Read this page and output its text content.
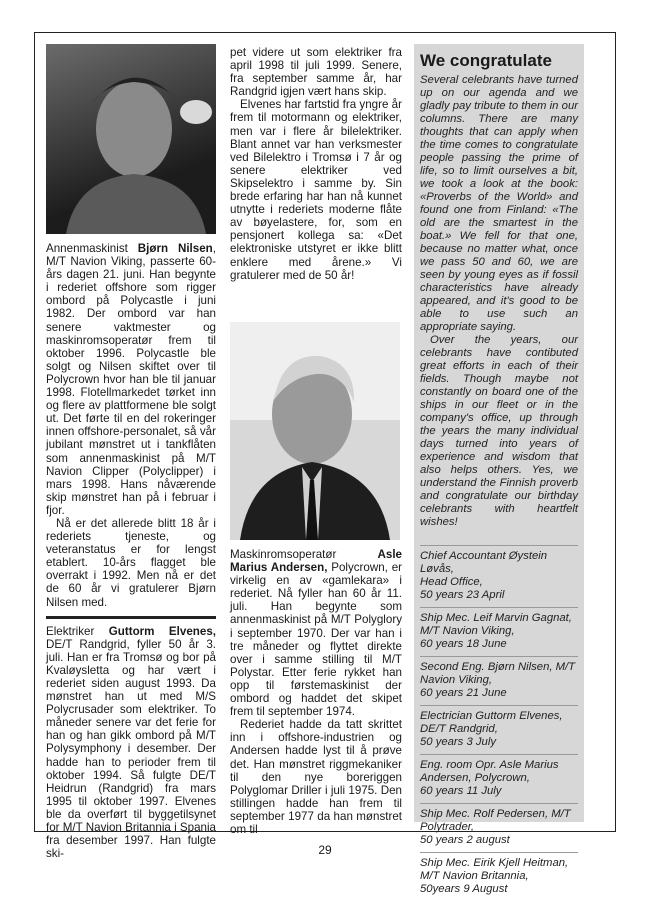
Annenmaskinist Bjørn Nilsen, M/T Navion Viking, passerte 60-års dagen 21. juni. Han begynte i rederiet offshore som rigger ombord på Polycastle i juni 1982. Der ombord var han senere vaktmester og maskinromsoperatør frem til oktober 1996. Polycastle ble solgt og Nilsen skiftet over til Polycrown hvor han ble til januar 1998. Flotellmarkedet tørket inn og flere av plattformene ble solgt ut. Det førte til en del rokeringer innen offshore-personalet, så vår jubilant mønstret ut i tankflåten som annenmaskinist på M/T Navion Clipper (Polyclipper) i mars 1998. Hans nåværende skip mønstret han på i februar i fjor.

Nå er det allerede blitt 18 år i rederiets tjeneste, og veteranstatus er for lengst etablert. 10-års flagget ble overrakt i 1992. Men nå er det de 60 år vi gratulerer Bjørn Nilsen med.

Elektriker Guttorm Elvenes, DE/T Randgrid, fyller 50 år 3. juli. Han er fra Tromsø og bor på Kvaløysletta og har vært i rederiet siden august 1993. Da mønstret han ut med M/S Polycrusader som elektriker. To måneder senere var det ferie for han og han gikk ombord på M/T Polysymphony i desember. Der hadde han to perioder frem til oktober 1994. Så fulgte DE/T Heidrun (Randgrid) fra mars 1995 til oktober 1997. Elvenes ble da overført til byggetilsynet for M/T Navion Britannia i Spania fra desember 1997. Han fulgte ski-

pet videre ut som elektriker fra april 1998 til juli 1999. Senere, fra september samme år, har Randgrid igjen vært hans skip.

Elvenes har fartstid fra yngre år frem til motormann og elektriker, men var i flere år bilelektriker. Blant annet var han verksmester ved Bilelektro i Tromsø i 7 år og senere elektriker ved Skipselektro i samme by. Sin brede erfaring har han nå kunnet utnytte i rederiets moderne flåte av bøyelastere, for, som en pensjonert kollega sa: «Det elektroniske utstyret er ikke blitt enklere med årene.» Vi gratulerer med de 50 år!

Maskinromsoperatør Asle Marius Andersen, Polycrown, er virkelig en av «gamlekara» i rederiet. Nå fyller han 60 år 11. juli. Han begynte som annenmaskinist på M/T Polyglory i september 1970. Der var han i tre måneder og flyttet direkte over i samme stilling til M/T Polystar. Etter ferie rykket han opp til førstemaskinist der ombord og haddet det skipet frem til september 1974.

Rederiet hadde da tatt skrittet inn i offshore-industrien og Andersen hadde lyst til å prøve det. Han mønstret riggmekaniker til den nye boreriggen Polyglomar Driller i juli 1975. Den stillingen hadde han frem til september 1977 da han mønstret om til

We congratulate

Several celebrants have turned up on our agenda and we gladly pay tribute to them in our columns. There are many thoughts that can apply when the time comes to congratulate people passing the prime of life, so to limit ourselves a bit, we took a look at the book: «Proverbs of the World» and found one from Finland: «The old are the smartest in the boat.» We fell for that one, because no matter what, once we pass 50 and 60, we are seen by young eyes as if fossil characteristics have already appeared, and it's good to be able to use such an appropriate saying.

Over the years, our celebrants have contibuted great efforts in each of their fields. Though maybe not constantly on board one of the ships in our fleet or in the company's office, up through the years the many individual days turned into years of experience and wisdom that also helps others. Yes, we understand the Finnish proverb and congratulate our birthday celebrants with heartfelt wishes!

Chief Accountant Øystein Løvås,
Head Office,
50 years 23 April
Ship Mec. Leif Marvin Gagnat,
M/T Navion Viking,
60 years 18 June
Second Eng. Bjørn Nilsen, M/T
Navion Viking,
60 years 21 June
Electrician Guttorm Elvenes,
DE/T Randgrid,
50 years 3 July
Eng. room Opr. Asle Marius
Andersen, Polycrown,
60 years 11 July
Ship Mec. Rolf Pedersen, M/T
Polytrader,
50 years 2 august
Ship Mec. Eirik Kjell Heitman,
M/T Navion Britannia,
50years 9 August
29
